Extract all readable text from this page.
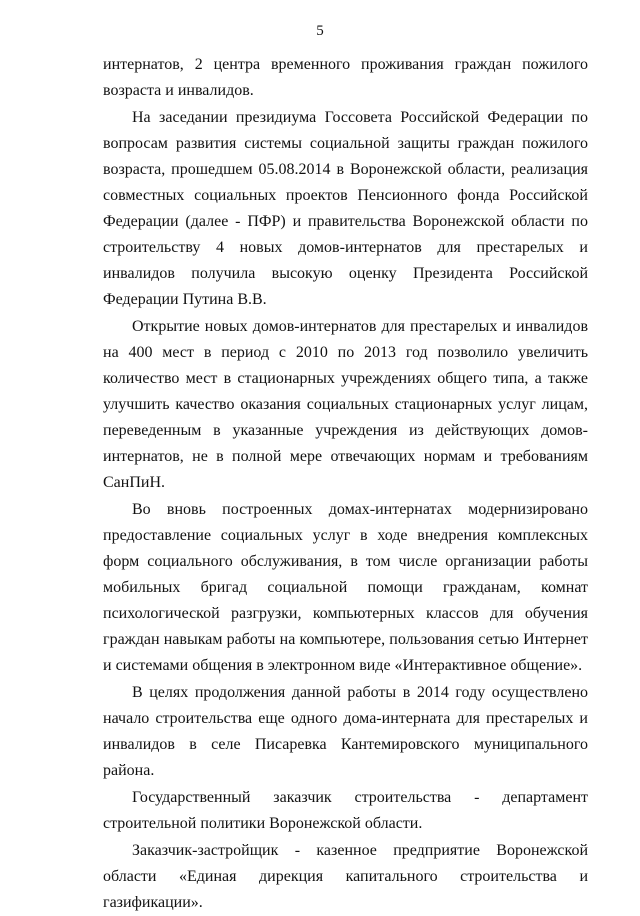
5

интернатов, 2 центра временного проживания граждан пожилого возраста и инвалидов.

На заседании президиума Госсовета Российской Федерации по вопросам развития системы социальной защиты граждан пожилого возраста, прошедшем 05.08.2014 в Воронежской области, реализация совместных социальных проектов Пенсионного фонда Российской Федерации (далее - ПФР) и правительства Воронежской области по строительству 4 новых домов-интернатов для престарелых и инвалидов получила высокую оценку Президента Российской Федерации Путина В.В.

Открытие новых домов-интернатов для престарелых и инвалидов на 400 мест в период с 2010 по 2013 год позволило увеличить количество мест в стационарных учреждениях общего типа, а также улучшить качество оказания социальных стационарных услуг лицам, переведенным в указанные учреждения из действующих домов-интернатов, не в полной мере отвечающих нормам и требованиям СанПиН.

Во вновь построенных домах-интернатах модернизировано предоставление социальных услуг в ходе внедрения комплексных форм социального обслуживания, в том числе организации работы мобильных бригад социальной помощи гражданам, комнат психологической разгрузки, компьютерных классов для обучения граждан навыкам работы на компьютере, пользования сетью Интернет и системами общения в электронном виде «Интерактивное общение».

В целях продолжения данной работы в 2014 году осуществлено начало строительства еще одного дома-интерната для престарелых и инвалидов в селе Писаревка Кантемировского муниципального района.

Государственный заказчик строительства - департамент строительной политики Воронежской области.

Заказчик-застройщик - казенное предприятие Воронежской области «Единая дирекция капитального строительства и газификации».
